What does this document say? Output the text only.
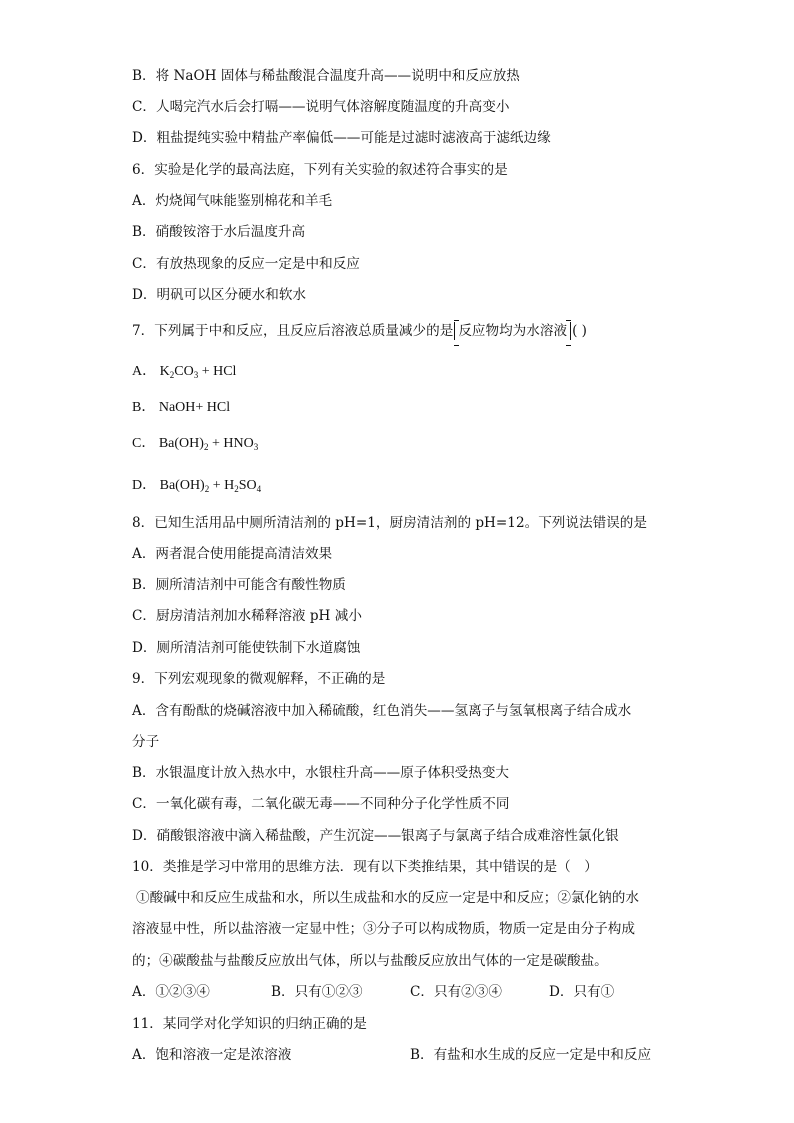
B．将 NaOH 固体与稀盐酸混合温度升高——说明中和反应放热
C．人喝完汽水后会打嗝——说明气体溶解度随温度的升高变小
D．粗盐提纯实验中精盐产率偏低——可能是过滤时滤液高于滤纸边缘
6．实验是化学的最高法庭，下列有关实验的叙述符合事实的是
A．灼烧闻气味能鉴别棉花和羊毛
B．硝酸铵溶于水后温度升高
C．有放热现象的反应一定是中和反应
D．明矾可以区分硬水和软水
7．下列属于中和反应，且反应后溶液总质量减少的是 反应物均为水溶液 ( )
A． $K_2CO_3$ + HCl
B． NaOH+ HCl
C． $Ba(OH)_2 + HNO_3$
D． $Ba(OH)_2 + H_2SO_4$
8．已知生活用品中厕所清洁剂的 pH=1，厨房清洁剂的 pH=12。下列说法错误的是
A．两者混合使用能提高清洁效果
B．厕所清洁剂中可能含有酸性物质
C．厨房清洁剂加水稀释溶液 pH 减小
D．厕所清洁剂可能使铁制下水道腐蚀
9．下列宏观现象的微观解释，不正确的是
A．含有酚酞的烧碱溶液中加入稀硫酸，红色消失——氢离子与氢氧根离子结合成水
分子
B．水银温度计放入热水中，水银柱升高——原子体积受热变大
C．一氧化碳有毒，二氧化碳无毒——不同种分子化学性质不同
D．硝酸银溶液中滴入稀盐酸，产生沉淀——银离子与氯离子结合成难溶性氯化银
10．类推是学习中常用的思维方法．现有以下类推结果，其中错误的是（　）
①酸碱中和反应生成盐和水，所以生成盐和水的反应一定是中和反应；②氯化钠的水
溶液显中性，所以盐溶液一定显中性；③分子可以构成物质，物质一定是由分子构成
的；④碳酸盐与盐酸反应放出气体，所以与盐酸反应放出气体的一定是碳酸盐。
A．①②③④	B．只有①②③	C．只有②③④	D．只有①
11．某同学对化学知识的归纳正确的是
A．饱和溶液一定是浓溶液	B．有盐和水生成的反应一定是中和反应
